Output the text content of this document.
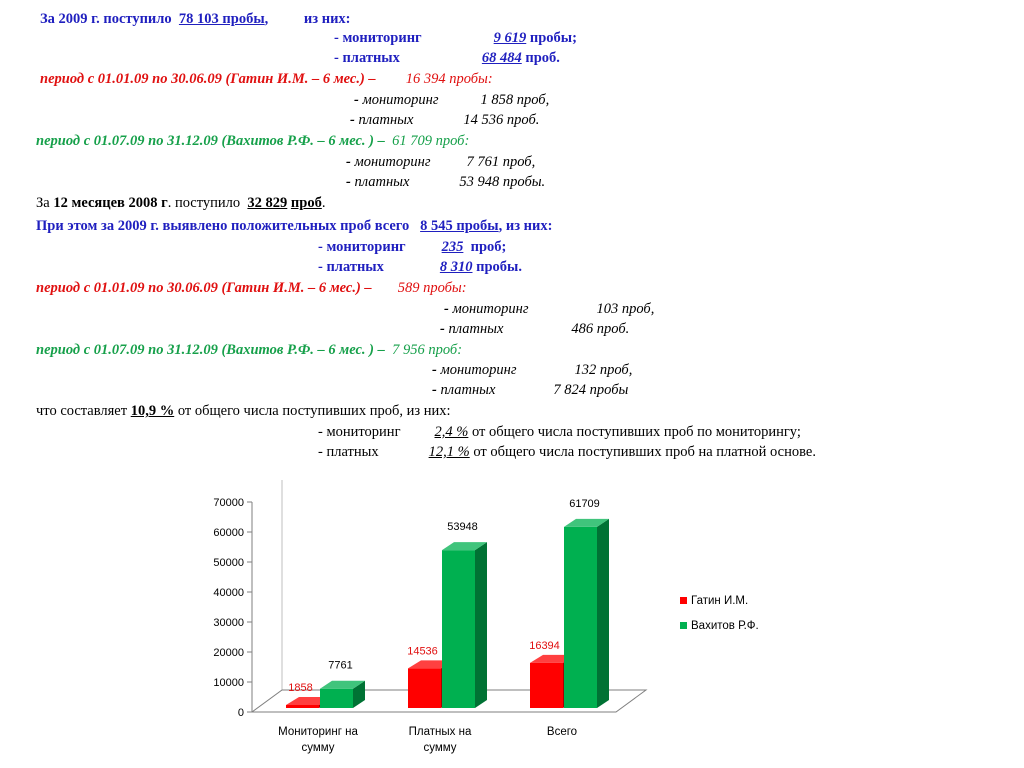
За 2009 г. поступило 78 103 пробы, из них:
- мониторинг	9 619 пробы;
- платных	68 484 проб.
период с 01.01.09 по 30.06.09 (Гатин И.М. – 6 мес.) – 16 394 пробы:
- мониторинг	1 858 проб,
- платных	14 536 проб.
период с 01.07.09 по 31.12.09 (Вахитов Р.Ф. – 6 мес. ) – 61 709 проб:
- мониторинг 7 761 проб,
- платных	53 948 пробы.
За 12 месяцев 2008 г. поступило 32 829 проб.
При этом за 2009 г. выявлено положительных проб всего 8 545 пробы, из них:
- мониторинг 235 проб;
- платных	8 310 пробы.
период с 01.01.09 по 30.06.09 (Гатин И.М. – 6 мес.) – 589 пробы:
- мониторинг	103 проб,
- платных	486 проб.
период с 01.07.09 по 31.12.09 (Вахитов Р.Ф. – 6 мес. ) – 7 956 проб:
- мониторинг	132 проб,
- платных	7 824 пробы
что составляет 10,9 % от общего числа поступивших проб, из них:
- мониторинг 2,4 % от общего числа поступивших проб по мониторингу;
- платных	12,1 % от общего числа поступивших проб на платной основе.
0
10000
20000
30000
40000
50000
60000
70000
Мониторинг на сумму
1858
7761
Платных на сумму
14536
53948
Всего
16394
61709
Гатин И.М.
Вахитов Р.Ф.
